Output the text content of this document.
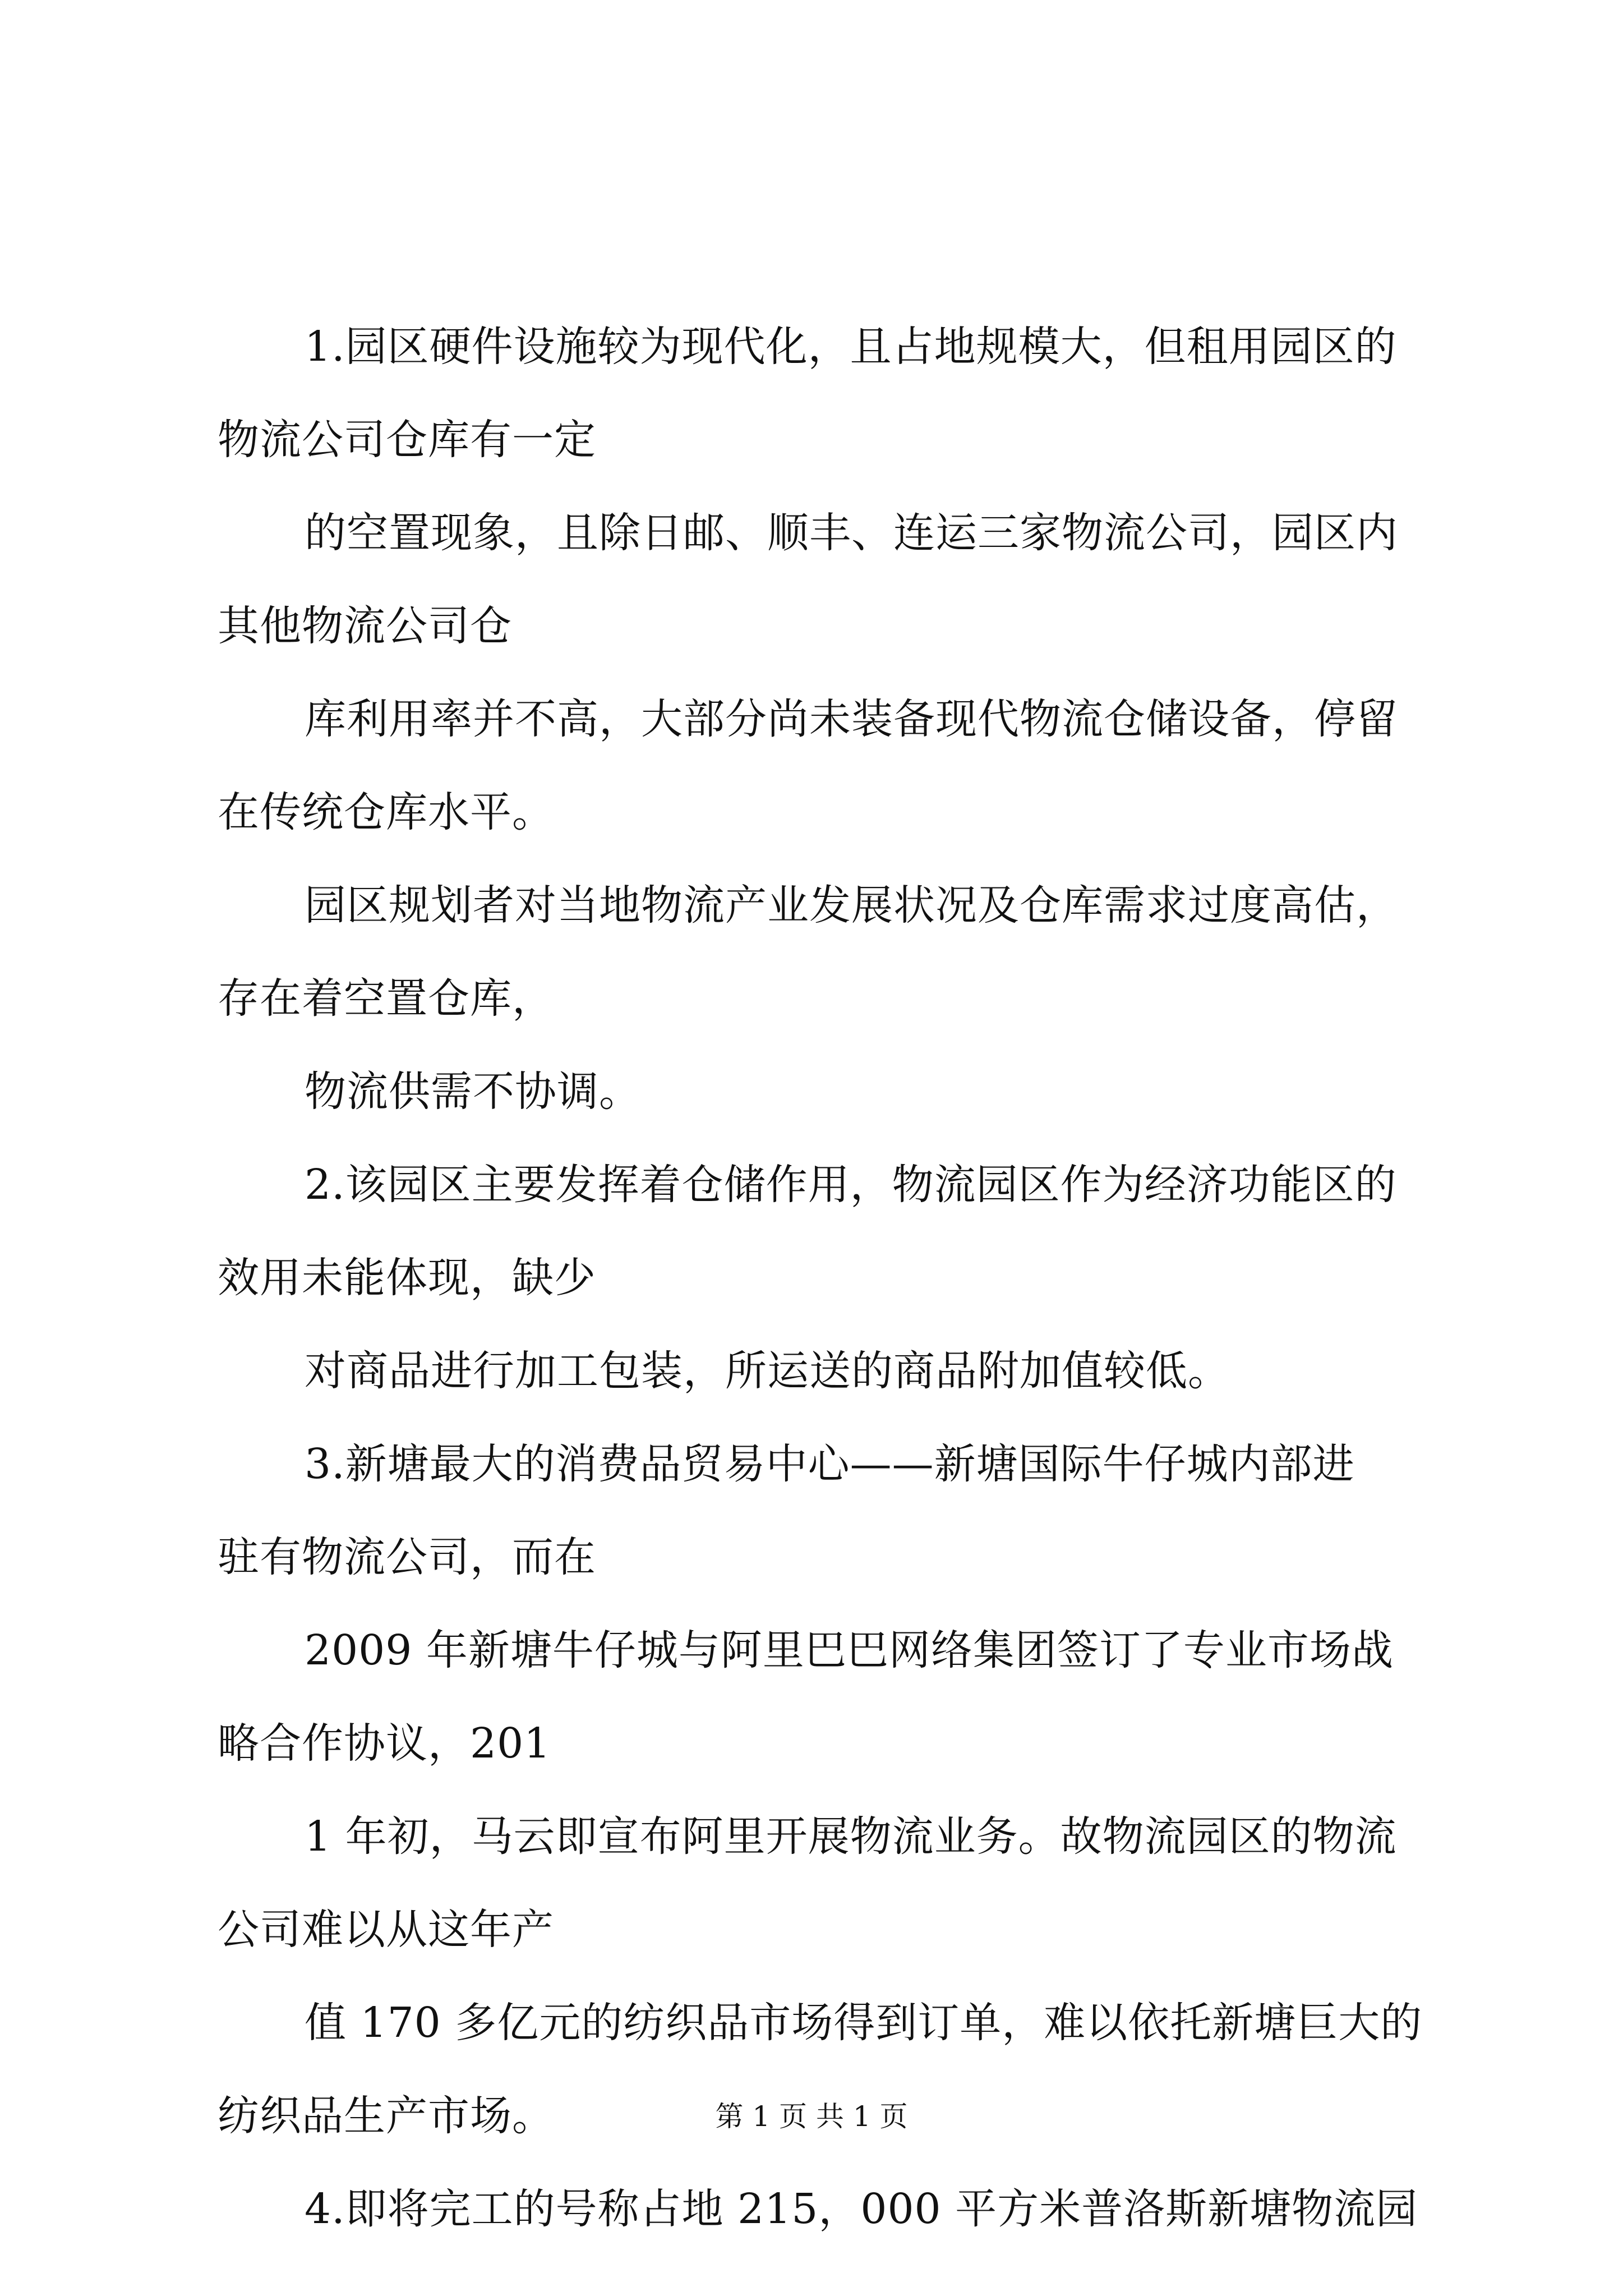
1.园区硬件设施较为现代化，且占地规模大，但租用园区的
物流公司仓库有一定

的空置现象，且除日邮、顺丰、连运三家物流公司，园区内
其他物流公司仓

库利用率并不高，大部分尚未装备现代物流仓储设备，停留
在传统仓库水平。

园区规划者对当地物流产业发展状况及仓库需求过度高估，
存在着空置仓库，

物流供需不协调。

2.该园区主要发挥着仓储作用，物流园区作为经济功能区的
效用未能体现，缺少

对商品进行加工包装，所运送的商品附加值较低。

3.新塘最大的消费品贸易中心——新塘国际牛仔城内部进
驻有物流公司，而在

2009 年新塘牛仔城与阿里巴巴网络集团签订了专业市场战
略合作协议，201

1 年初，马云即宣布阿里开展物流业务。故物流园区的物流
公司难以从这年产

值 170 多亿元的纺织品市场得到订单，难以依托新塘巨大的
纺织品生产市场。

4.即将完工的号称占地 215，000 平方米普洛斯新塘物流园

第 1 页 共 1 页
